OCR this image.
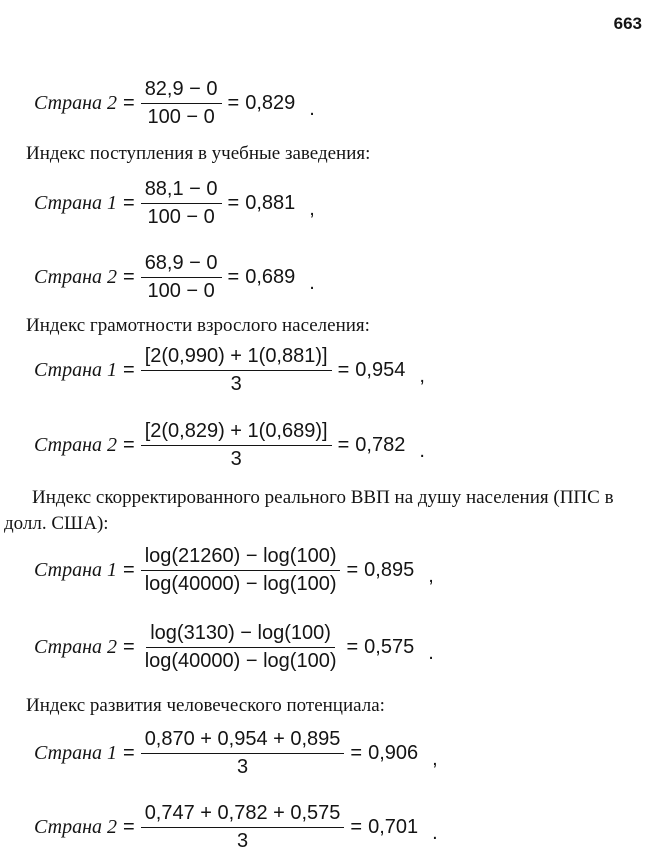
663
Страна $2 = \frac{82,9 - 0}{100 - 0} = 0,829$ .
Индекс поступления в учебные заведения:
Страна $1 = \frac{88,1 - 0}{100 - 0} = 0,881$ ,
Страна $2 = \frac{68,9 - 0}{100 - 0} = 0,689$ .
Индекс грамотности взрослого населения:
Страна $1 = \frac{[2(0,990) + 1(0,881)]}{3} = 0,954$ ,
Страна $2 = \frac{[2(0,829) + 1(0,689)]}{3} = 0,782$ .
Индекс скорректированного реального ВВП на душу населения (ППС в долл. США):
Страна $1 = \frac{\log(21260) - \log(100)}{\log(40000) - \log(100)} = 0,895$ ,
Страна $2 = \frac{\log(3130) - \log(100)}{\log(40000) - \log(100)} = 0,575$ .
Индекс развития человеческого потенциала:
Страна $1 = \frac{0,870 + 0,954 + 0,895}{3} = 0,906$ ,
Страна $2 = \frac{0,747 + 0,782 + 0,575}{3} = 0,701$ .
